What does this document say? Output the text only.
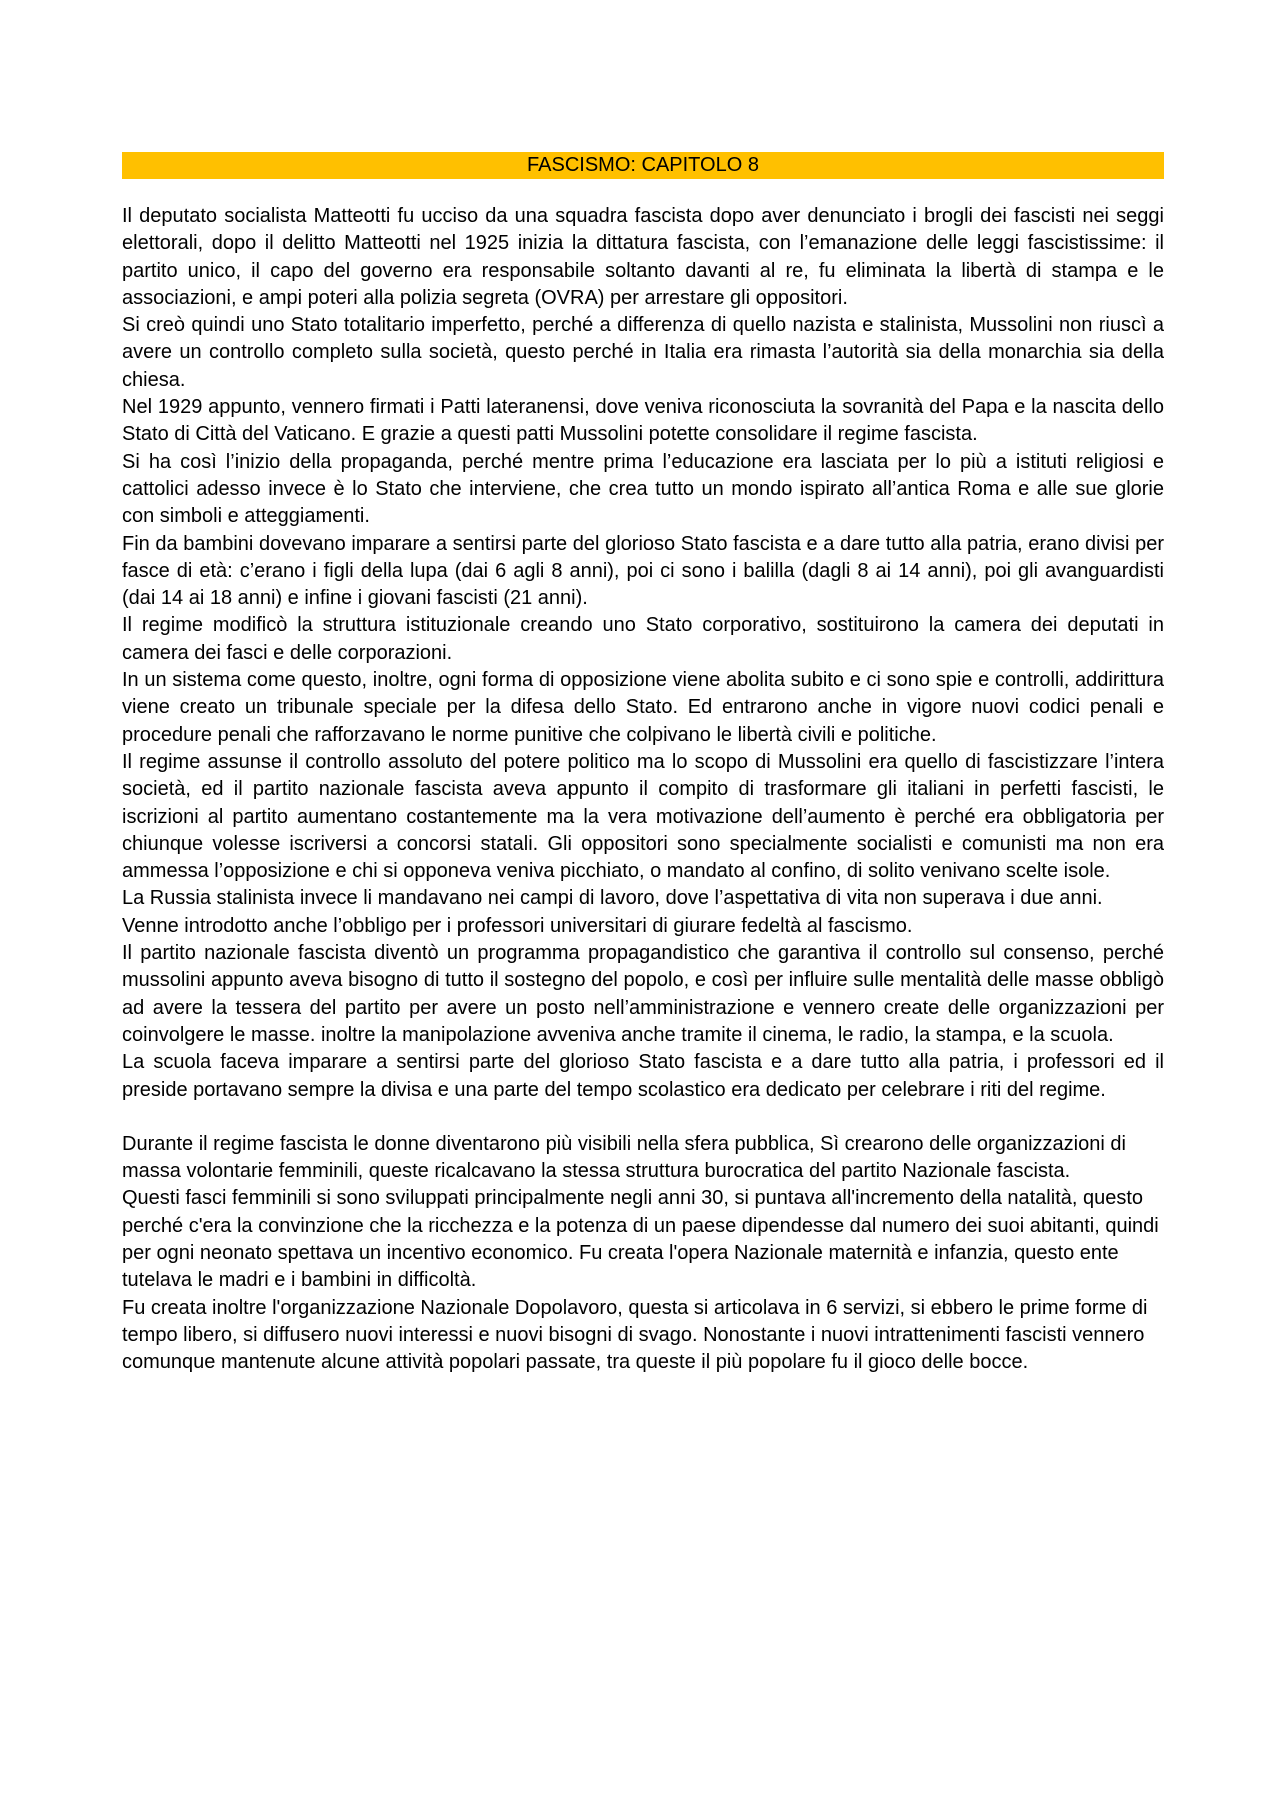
FASCISMO: CAPITOLO 8

Il deputato socialista Matteotti fu ucciso da una squadra fascista dopo aver denunciato i brogli dei fascisti nei seggi elettorali, dopo il delitto Matteotti nel 1925 inizia la dittatura fascista, con l’emanazione delle leggi fascistissime: il partito unico, il capo del governo era responsabile soltanto davanti al re, fu eliminata la libertà di stampa e le associazioni, e ampi poteri alla polizia segreta (OVRA) per arrestare gli oppositori.

Si creò quindi uno Stato totalitario imperfetto, perché a differenza di quello nazista e stalinista, Mussolini non riuscì a avere un controllo completo sulla società, questo perché in Italia era rimasta l’autorità sia della monarchia sia della chiesa.

Nel 1929 appunto, vennero firmati i Patti lateranensi, dove veniva riconosciuta la sovranità del Papa e la nascita dello Stato di Città del Vaticano. E grazie a questi patti Mussolini potette consolidare il regime fascista.

Si ha così l’inizio della propaganda, perché mentre prima l’educazione era lasciata per lo più a istituti religiosi e cattolici adesso invece è lo Stato che interviene, che crea tutto un mondo ispirato all’antica Roma e alle sue glorie con simboli e atteggiamenti.

Fin da bambini dovevano imparare a sentirsi parte del glorioso Stato fascista e a dare tutto alla patria, erano divisi per fasce di età: c’erano i figli della lupa (dai 6 agli 8 anni), poi ci sono i balilla (dagli 8 ai 14 anni), poi gli avanguardisti (dai 14 ai 18 anni) e infine i giovani fascisti (21 anni).

Il regime modificò la struttura istituzionale creando uno Stato corporativo, sostituirono la camera dei deputati in camera dei fasci e delle corporazioni.

In un sistema come questo, inoltre, ogni forma di opposizione viene abolita subito e ci sono spie e controlli, addirittura viene creato un tribunale speciale per la difesa dello Stato. Ed entrarono anche in vigore nuovi codici penali e procedure penali che rafforzavano le norme punitive che colpivano le libertà civili e politiche.

Il regime assunse il controllo assoluto del potere politico ma lo scopo di Mussolini era quello di fascistizzare l’intera società, ed il partito nazionale fascista aveva appunto il compito di trasformare gli italiani in perfetti fascisti, le iscrizioni al partito aumentano costantemente ma la vera motivazione dell’aumento è perché era obbligatoria per chiunque volesse iscriversi a concorsi statali. Gli oppositori sono specialmente socialisti e comunisti ma non era ammessa l’opposizione e chi si opponeva veniva picchiato, o mandato al confino, di solito venivano scelte isole.

La Russia stalinista invece li mandavano nei campi di lavoro, dove l’aspettativa di vita non superava i due anni.

Venne introdotto anche l’obbligo per i professori universitari di giurare fedeltà al fascismo.

Il partito nazionale fascista diventò un programma propagandistico che garantiva il controllo sul consenso, perché mussolini appunto aveva bisogno di tutto il sostegno del popolo, e così per influire sulle mentalità delle masse obbligò ad avere la tessera del partito per avere un posto nell’amministrazione e vennero create delle organizzazioni per coinvolgere le masse. inoltre la manipolazione avveniva anche tramite il cinema, le radio, la stampa, e la scuola.

La scuola faceva imparare a sentirsi parte del glorioso Stato fascista e a dare tutto alla patria, i professori ed il preside portavano sempre la divisa e una parte del tempo scolastico era dedicato per celebrare i riti del regime.

Durante il regime fascista le donne diventarono più visibili nella sfera pubblica, Sì crearono delle organizzazioni di massa volontarie femminili, queste ricalcavano la stessa struttura burocratica del partito Nazionale fascista.

Questi fasci femminili si sono sviluppati principalmente negli anni 30, si puntava all'incremento della natalità, questo perché c'era la convinzione che la ricchezza e la potenza di un paese dipendesse dal numero dei suoi abitanti, quindi per ogni neonato spettava un incentivo economico. Fu creata l'opera Nazionale maternità e infanzia, questo ente tutelava le madri e i bambini in difficoltà.

Fu creata inoltre l'organizzazione Nazionale Dopolavoro, questa si articolava in 6 servizi, si ebbero le prime forme di tempo libero, si diffusero nuovi interessi e nuovi bisogni di svago. Nonostante i nuovi intrattenimenti fascisti vennero comunque mantenute alcune attività popolari passate, tra queste il più popolare fu il gioco delle bocce.
